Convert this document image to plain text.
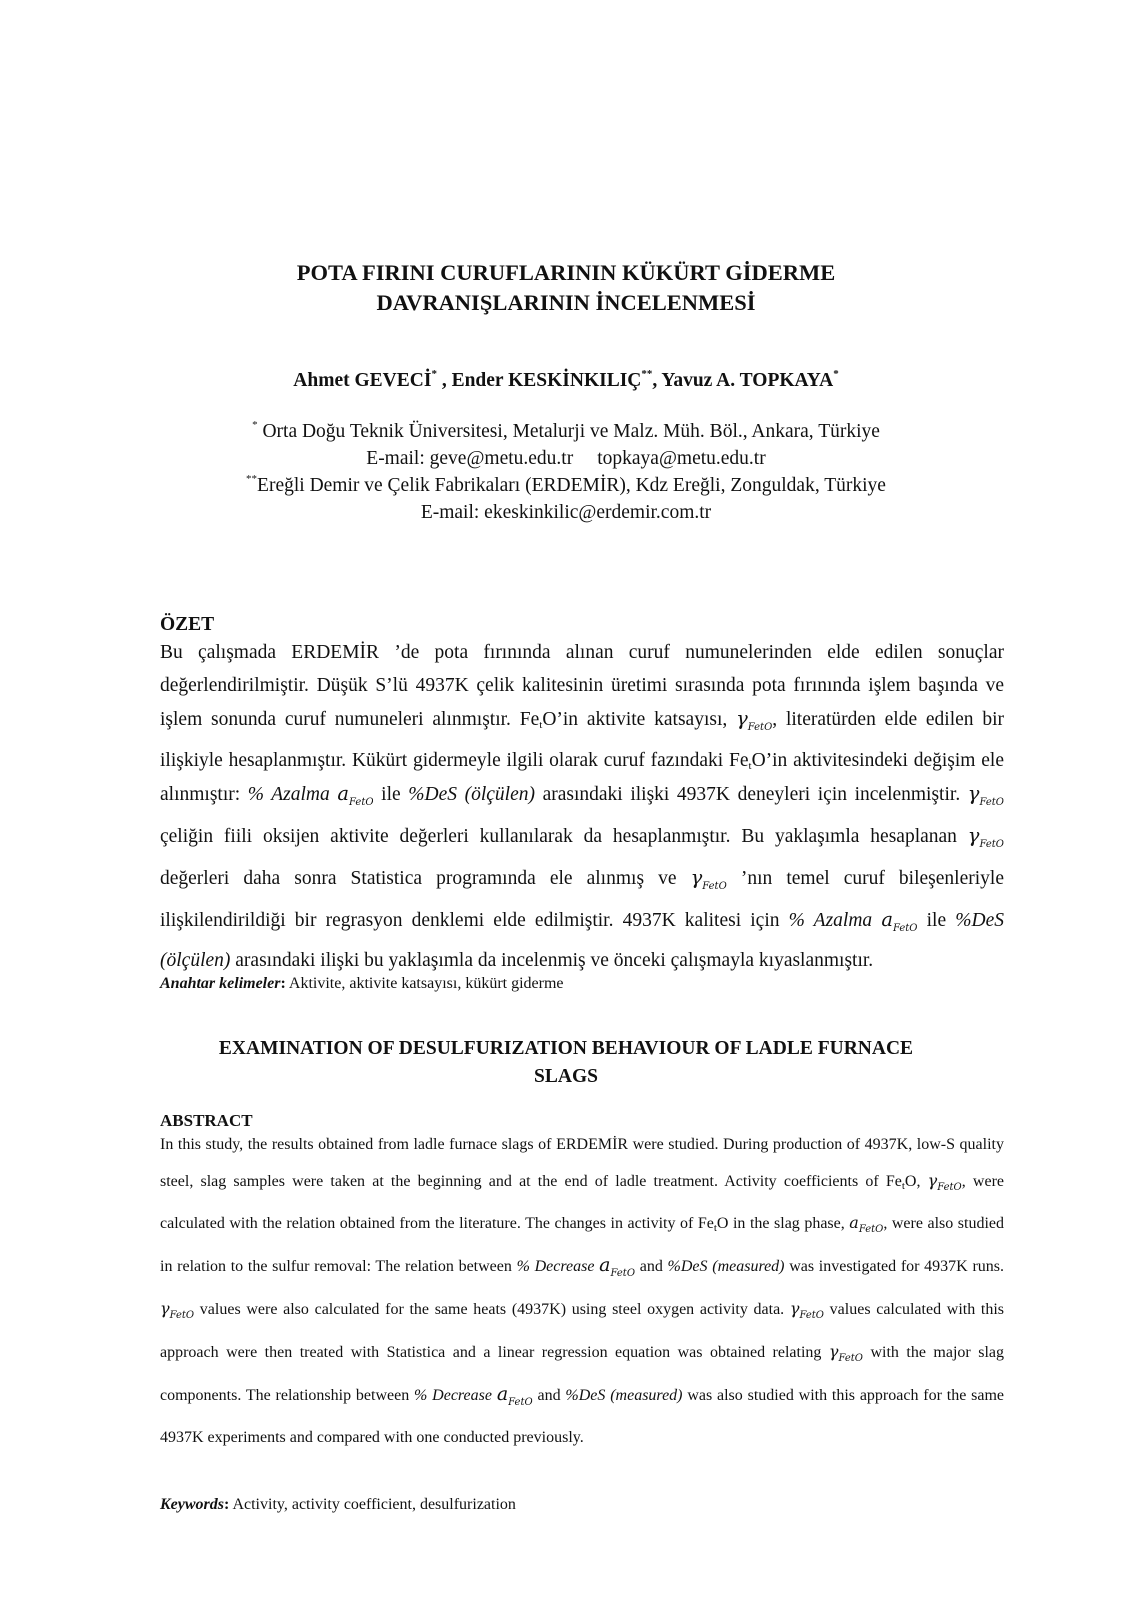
POTA FIRINI CURUFLARININ KÜKÜRT GİDERME
DAVRANIŞLARININ İNCELENMESİ
Ahmet GEVECİ* , Ender KESKİNKILIÇ**, Yavuz A. TOPKAYA*
* Orta Doğu Teknik Üniversitesi, Metalurji ve Malz. Müh. Böl., Ankara, Türkiye
E-mail: geve@metu.edu.tr topkaya@metu.edu.tr
**Ereğli Demir ve Çelik Fabrikaları (ERDEMİR), Kdz Ereğli, Zonguldak, Türkiye
E-mail: ekeskinkilic@erdemir.com.tr
ÖZET
Bu çalışmada ERDEMİR ’de pota fırınında alınan curuf numunelerinden elde edilen sonuçlar değerlendirilmiştir. Düşük S’lü 4937K çelik kalitesinin üretimi sırasında pota fırınında işlem başında ve işlem sonunda curuf numuneleri alınmıştır. $Fe_tO’in$ aktivite katsayısı, $\gamma_{FetO}$, literatürden elde edilen bir ilişkiyle hesaplanmıştır. Kükürt gidermeyle ilgili olarak curuf fazındaki $Fe_tO’in$ aktivitesindeki değişim ele alınmıştır: % Azalma $a_{FetO}$ ile %DeS (ölçülen) arasındaki ilişki 4937K deneyleri için incelenmiştir. $\gamma_{FetO}$ çeliğin fiili oksijen aktivite değerleri kullanılarak da hesaplanmıştır. Bu yaklaşımla hesaplanan $\gamma_{FetO}$ değerleri daha sonra Statistica programında ele alınmış ve $\gamma_{FetO}$ ’nın temel curuf bileşenleriyle ilişkilendirildiği bir regrasyon denklemi elde edilmiştir. 4937K kalitesi için % Azalma $a_{FetO}$ ile %DeS (ölçülen) arasındaki ilişki bu yaklaşımla da incelenmiş ve önceki çalışmayla kıyaslanmıştır.
Anahtar kelimeler: Aktivite, aktivite katsayısı, kükürt giderme
EXAMINATION OF DESULFURIZATION BEHAVIOUR OF LADLE FURNACE
SLAGS
ABSTRACT
In this study, the results obtained from ladle furnace slags of ERDEMİR were studied. During production of 4937K, low-S quality steel, slag samples were taken at the beginning and at the end of ladle treatment. Activity coefficients of $Fe_tO$, $\gamma_{FetO}$, were calculated with the relation obtained from the literature. The changes in activity of $Fe_tO$ in the slag phase, $a_{FetO}$, were also studied in relation to the sulfur removal: The relation between % Decrease $a_{FetO}$ and %DeS (measured) was investigated for 4937K runs. $\gamma_{FetO}$ values were also calculated for the same heats (4937K) using steel oxygen activity data. $\gamma_{FetO}$ values calculated with this approach were then treated with Statistica and a linear regression equation was obtained relating $\gamma_{FetO}$ with the major slag components. The relationship between % Decrease $a_{FetO}$ and %DeS (measured) was also studied with this approach for the same 4937K experiments and compared with one conducted previously.
Keywords: Activity, activity coefficient, desulfurization
